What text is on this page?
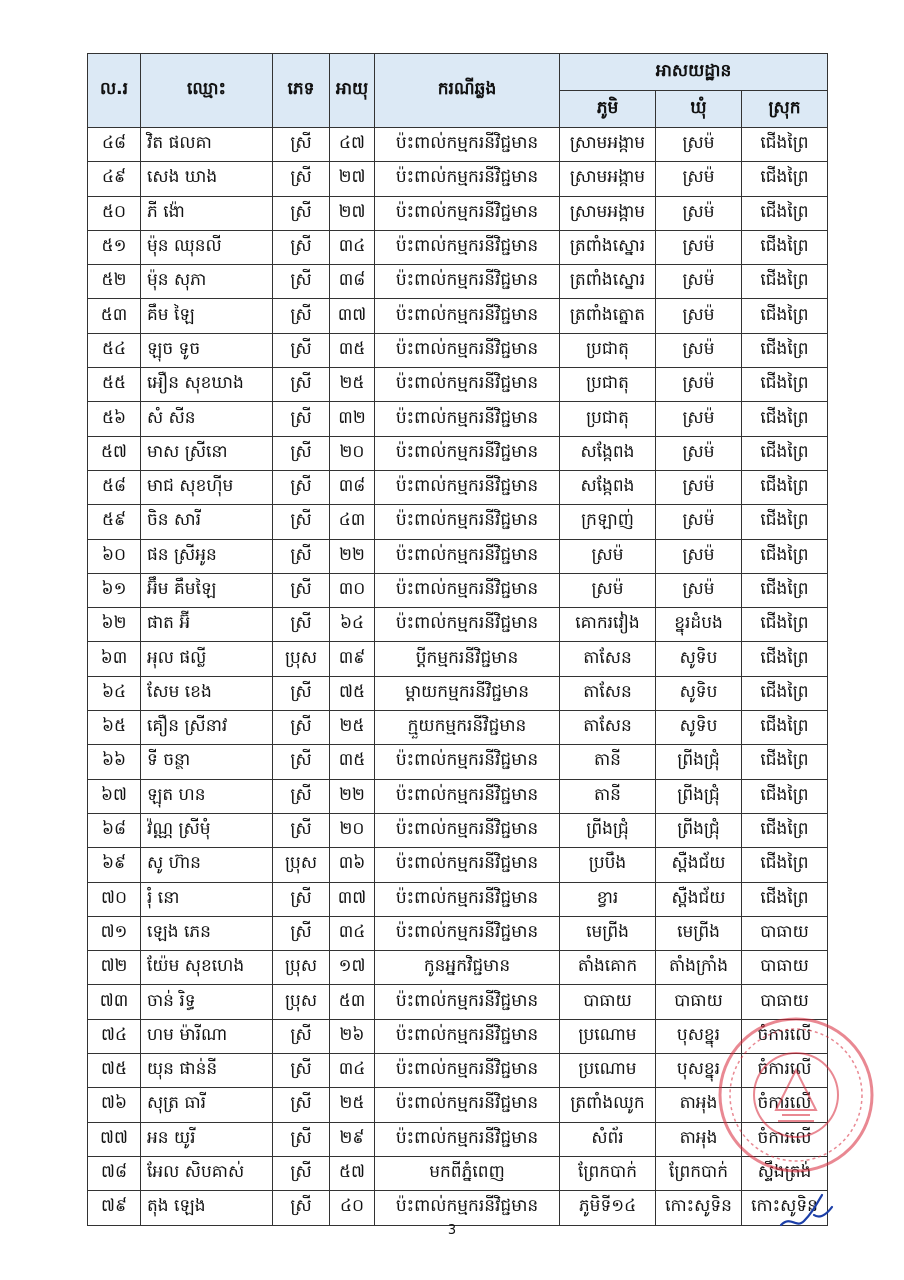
ល.រ	ឈ្មោះ	ភេទ	អាយុ	ករណីឆ្លង	អាសយដ្ឋាន		
					ភូមិ	ឃុំ	ស្រុក
៤៨	វិត ផលគា	ស្រី	៤៧	ប៉ះពាល់កម្មករនីវិជ្ជមាន	ស្រាមអង្កាម	ស្រម៉	ជើងព្រៃ
៤៩	សេង ឃាង	ស្រី	២៧	ប៉ះពាល់កម្មករនីវិជ្ជមាន	ស្រាមអង្កាម	ស្រម៉	ជើងព្រៃ
៥០	ភី ង៉ោ	ស្រី	២៧	ប៉ះពាល់កម្មករនីវិជ្ជមាន	ស្រាមអង្កាម	ស្រម៉	ជើងព្រៃ
៥១	ម៉ុន ឈុនលី	ស្រី	៣៤	ប៉ះពាល់កម្មករនីវិជ្ជមាន	ត្រពាំងស្នោរ	ស្រម៉	ជើងព្រៃ
៥២	ម៉ុន សុភា	ស្រី	៣៨	ប៉ះពាល់កម្មករនីវិជ្ជមាន	ត្រពាំងស្នោរ	ស្រម៉	ជើងព្រៃ
៥៣	គឹម ឡៃ	ស្រី	៣៧	ប៉ះពាល់កម្មករនីវិជ្ជមាន	ត្រពាំងត្នោត	ស្រម៉	ជើងព្រៃ
៥៤	ឡុច ទូច	ស្រី	៣៥	ប៉ះពាល់កម្មករនីវិជ្ជមាន	ប្រជាតុ	ស្រម៉	ជើងព្រៃ
៥៥	អឿន សុខឃាង	ស្រី	២៥	ប៉ះពាល់កម្មករនីវិជ្ជមាន	ប្រជាតុ	ស្រម៉	ជើងព្រៃ
៥៦	សំ សីន	ស្រី	៣២	ប៉ះពាល់កម្មករនីវិជ្ជមាន	ប្រជាតុ	ស្រម៉	ជើងព្រៃ
៥៧	មាស ស្រីនោ	ស្រី	២០	ប៉ះពាល់កម្មករនីវិជ្ជមាន	សង្កែពង	ស្រម៉	ជើងព្រៃ
៥៨	មាជ សុខហ៊ីម	ស្រី	៣៨	ប៉ះពាល់កម្មករនីវិជ្ជមាន	សង្កែពង	ស្រម៉	ជើងព្រៃ
៥៩	ចិន សារី	ស្រី	៤៣	ប៉ះពាល់កម្មករនីវិជ្ជមាន	ក្រឡាញ់	ស្រម៉	ជើងព្រៃ
៦០	ផន ស្រីអូន	ស្រី	២២	ប៉ះពាល់កម្មករនីវិជ្ជមាន	ស្រម៉	ស្រម៉	ជើងព្រៃ
៦១	អ៊ឹម គឹមឡៃ	ស្រី	៣០	ប៉ះពាល់កម្មករនីវិជ្ជមាន	ស្រម៉	ស្រម៉	ជើងព្រៃ
៦២	ផាត អ៊ី	ស្រី	៦៤	ប៉ះពាល់កម្មករនីវិជ្ជមាន	គោករវៀង	ខ្នុរដំបង	ជើងព្រៃ
៦៣	អុល ផល្លី	ប្រុស	៣៩	ប្ដីកម្មករនីវិជ្ជមាន	តាសែន	សូទិប	ជើងព្រៃ
៦៤	សែម ខេង	ស្រី	៧៥	ម្ដាយកម្មករនីវិជ្ជមាន	តាសែន	សូទិប	ជើងព្រៃ
៦៥	គឿន ស្រីនាវ	ស្រី	២៥	ក្មួយកម្មករនីវិជ្ជមាន	តាសែន	សូទិប	ជើងព្រៃ
៦៦	ទី ចន្ថា	ស្រី	៣៥	ប៉ះពាល់កម្មករនីវិជ្ជមាន	តានី	ព្រីងជ្រុំ	ជើងព្រៃ
៦៧	ឡុត ហន	ស្រី	២២	ប៉ះពាល់កម្មករនីវិជ្ជមាន	តានី	ព្រីងជ្រុំ	ជើងព្រៃ
៦៨	វ៉ណ្ណ ស្រីមុំ	ស្រី	២០	ប៉ះពាល់កម្មករនីវិជ្ជមាន	ព្រីងជ្រុំ	ព្រីងជ្រុំ	ជើងព្រៃ
៦៩	សូ ហ៊ាន	ប្រុស	៣៦	ប៉ះពាល់កម្មករនីវិជ្ជមាន	ប្របឹង	ស្ពឺងជ័យ	ជើងព្រៃ
៧០	រុំ នោ	ស្រី	៣៧	ប៉ះពាល់កម្មករនីវិជ្ជមាន	ខ្វារ	ស្ពឺងជ័យ	ជើងព្រៃ
៧១	ឡេង ភេន	ស្រី	៣៤	ប៉ះពាល់កម្មករនីវិជ្ជមាន	មេព្រីង	មេព្រីង	បាធាយ
៧២	យ៉ែម សុខហេង	ប្រុស	១៧	កូនអ្នកវិជ្ជមាន	តាំងគោក	តាំងក្រាំង	បាធាយ
៧៣	ចាន់ រិទ្ធ	ប្រុស	៥៣	ប៉ះពាល់កម្មករនីវិជ្ជមាន	បាធាយ	បាធាយ	បាធាយ
៧៤	ហម ម៉ារីណា	ស្រី	២៦	ប៉ះពាល់កម្មករនីវិជ្ជមាន	ប្រណោម	បុសខ្នុរ	ចំការលើ
៧៥	យុន ផាន់នី	ស្រី	៣៤	ប៉ះពាល់កម្មករនីវិជ្ជមាន	ប្រណោម	បុសខ្នុរ	ចំការលើ
៧៦	សុត្រ ធារី	ស្រី	២៥	ប៉ះពាល់កម្មករនីវិជ្ជមាន	ត្រពាំងឈូក	តាអុង	ចំការលើ
៧៧	អន យូរី	ស្រី	២៩	ប៉ះពាល់កម្មករនីវិជ្ជមាន	សំព័រ	តាអុង	ចំការលើ
៧៨	អែល សិបគាស់	ស្រី	៥៧	មកពីភ្នំពេញ	ព្រែកបាក់	ព្រែកបាក់	ស្ទឹងត្រង់
៧៩	តុង ឡេង	ស្រី	៤០	ប៉ះពាល់កម្មករនីវិជ្ជមាន	ភូមិទី១៤	កោះសូទិន	កោះសូទិន
3
